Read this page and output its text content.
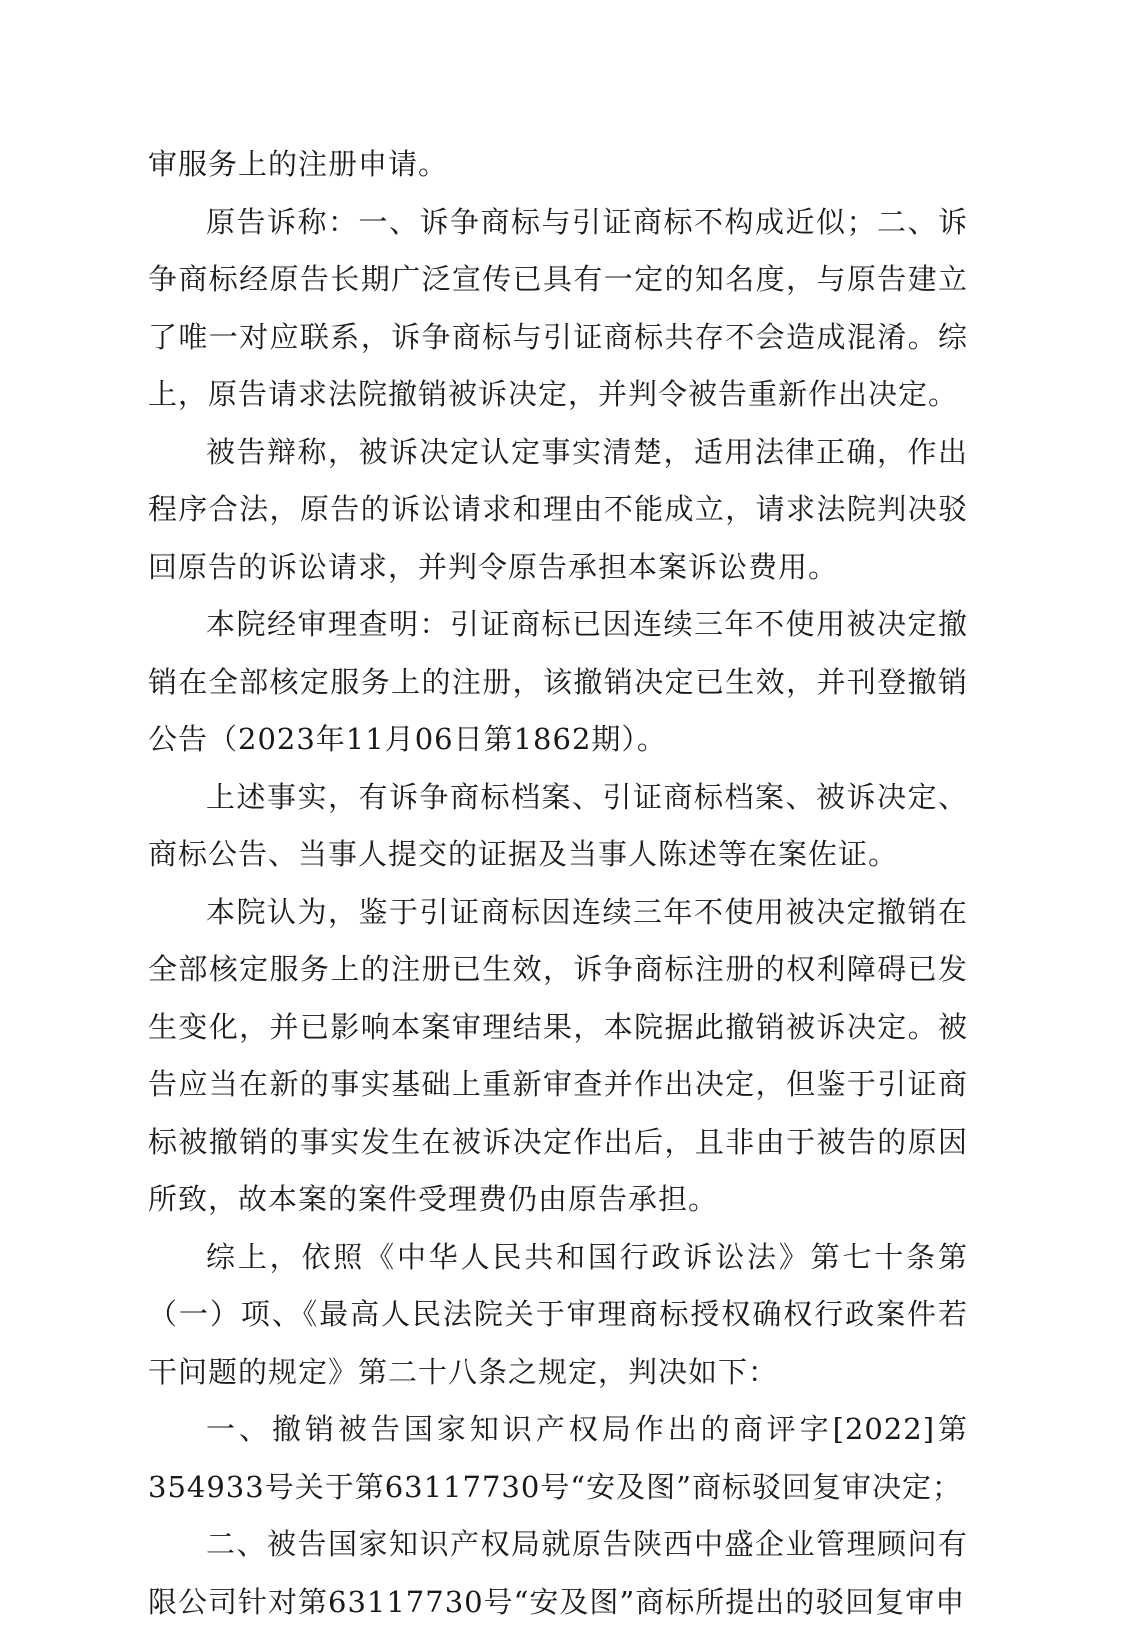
审服务上的注册申请。

原告诉称：一、诉争商标与引证商标不构成近似；二、诉争商标经原告长期广泛宣传已具有一定的知名度，与原告建立了唯一对应联系，诉争商标与引证商标共存不会造成混淆。综上，原告请求法院撤销被诉决定，并判令被告重新作出决定。

被告辩称，被诉决定认定事实清楚，适用法律正确，作出程序合法，原告的诉讼请求和理由不能成立，请求法院判决驳回原告的诉讼请求，并判令原告承担本案诉讼费用。

本院经审理查明：引证商标已因连续三年不使用被决定撤销在全部核定服务上的注册，该撤销决定已生效，并刊登撤销公告（2023年11月06日第1862期）。

上述事实，有诉争商标档案、引证商标档案、被诉决定、商标公告、当事人提交的证据及当事人陈述等在案佐证。

本院认为，鉴于引证商标因连续三年不使用被决定撤销在全部核定服务上的注册已生效，诉争商标注册的权利障碍已发生变化，并已影响本案审理结果，本院据此撤销被诉决定。被告应当在新的事实基础上重新审查并作出决定，但鉴于引证商标被撤销的事实发生在被诉决定作出后，且非由于被告的原因所致，故本案的案件受理费仍由原告承担。

综上，依照《中华人民共和国行政诉讼法》第七十条第（一）项、《最高人民法院关于审理商标授权确权行政案件若干问题的规定》第二十八条之规定，判决如下：

一、撤销被告国家知识产权局作出的商评字[2022]第354933号关于第63117730号“安及图”商标驳回复审决定；

二、被告国家知识产权局就原告陕西中盛企业管理顾问有限公司针对第63117730号“安及图”商标所提出的驳回复审申
